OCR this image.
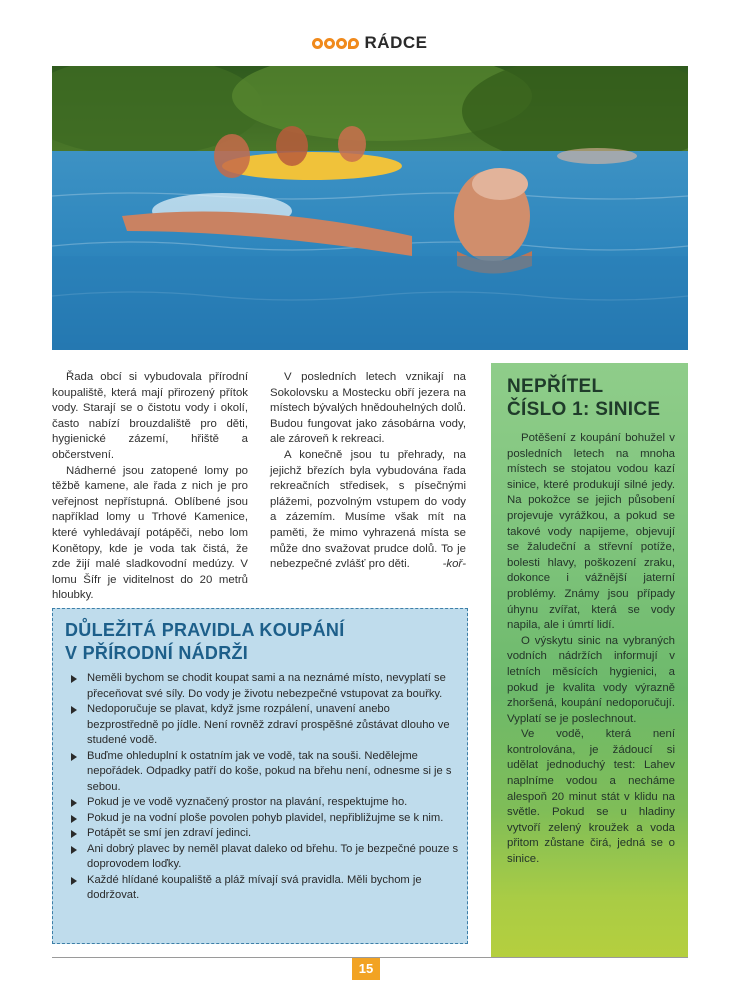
RÁDCE

Řada obcí si vybudovala přírodní koupaliště, která mají přirozený přítok vody. Starají se o čistotu vody i okolí, často nabízí brouzdaliště pro děti, hygienické zázemí, hřiště a občerstvení.

Nádherné jsou zatopené lomy po těžbě kamene, ale řada z nich je pro veřejnost nepřístupná. Oblíbené jsou například lomy u Trhové Kamenice, které vyhledávají potápěči, nebo lom Konětopy, kde je voda tak čistá, že zde žijí malé sladkovodní medúzy. V lomu Šífr je viditelnost do 20 metrů hloubky.

V posledních letech vznikají na Sokolovsku a Mostecku obří jezera na místech bývalých hnědouhelných dolů. Budou fungovat jako zásobárna vody, ale zároveň k rekreaci.

A konečně jsou tu přehrady, na jejichž březích byla vybudována řada rekreačních středisek, s písečnými plážemi, pozvolným vstupem do vody a zázemím. Musíme však mít na paměti, že mimo vyhrazená místa se může dno svažovat prudce dolů. To je nebezpečné zvlášť pro děti.	-koř-

NEPŘÍTEL
ČÍSLO 1: SINICE

Potěšení z koupání bohužel v posledních letech na mnoha místech se stojatou vodou kazí sinice, které produkují silné jedy. Na pokožce se jejich působení projevuje vyrážkou, a pokud se takové vody napijeme, objevují se žaludeční a střevní potíže, bolesti hlavy, poškození zraku, dokonce i vážnější jaterní problémy. Známy jsou případy úhynu zvířat, která se vody napila, ale i úmrtí lidí.

O výskytu sinic na vybraných vodních nádržích informují v letních měsících hygienici, a pokud je kvalita vody výrazně zhoršená, koupání nedoporučují. Vyplatí se je poslechnout.

Ve vodě, která není kontrolována, je žádoucí si udělat jednoduchý test: Lahev naplníme vodou a necháme alespoň 20 minut stát v klidu na světle. Pokud se u hladiny vytvoří zelený kroužek a voda přitom zůstane čirá, jedná se o sinice.

DŮLEŽITÁ PRAVIDLA KOUPÁNÍ
V PŘÍRODNÍ NÁDRŽI
Neměli bychom se chodit koupat sami a na neznámé místo, nevyplatí se přeceňovat své síly. Do vody je životu nebezpečné vstupovat za bouřky.
Nedoporučuje se plavat, když jsme rozpálení, unavení anebo bezprostředně po jídle. Není rovněž zdraví prospěšné zůstávat dlouho ve studené vodě.
Buďme ohleduplní k ostatním jak ve vodě, tak na souši. Nedělejme nepořádek. Odpadky patří do koše, pokud na břehu není, odnesme si je s sebou.
Pokud je ve vodě vyznačený prostor na plavání, respektujme ho.
Pokud je na vodní ploše povolen pohyb plavidel, nepřibližujme se k nim.
Potápět se smí jen zdraví jedinci.
Ani dobrý plavec by neměl plavat daleko od břehu. To je bezpečné pouze s doprovodem loďky.
Každé hlídané koupaliště a pláž mívají svá pravidla. Měli bychom je dodržovat.
15
